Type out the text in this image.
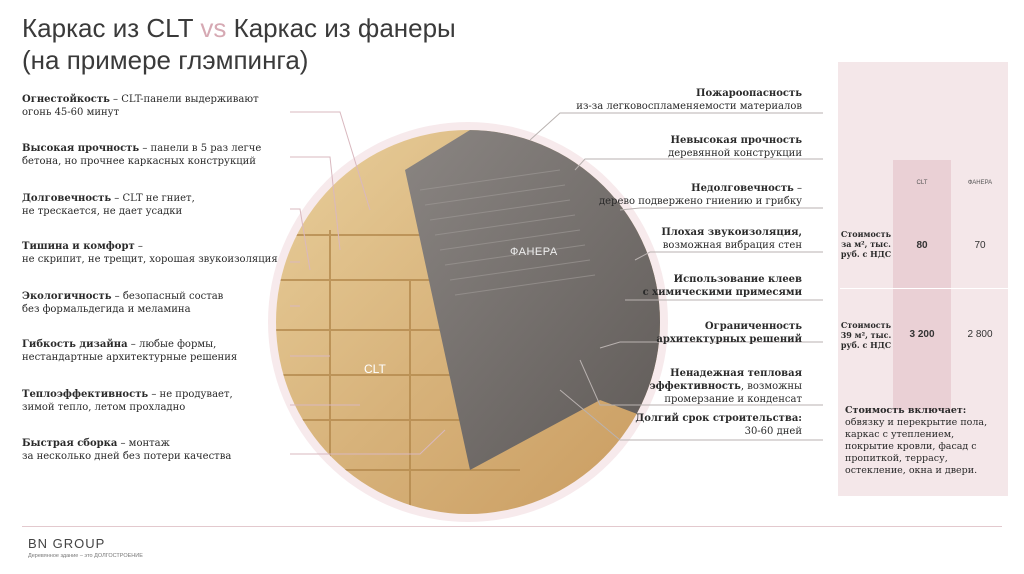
Каркас из CLT vs Каркас из фанеры
(на примере глэмпинга)
ФАНЕРА
CLT
Огнестойкость – CLT-панели выдерживают
огонь 45-60 минут
Высокая прочность – панели в 5 раз легче
бетона, но прочнее каркасных конструкций
Долговечность – CLT не гниет,
не трескается, не дает усадки
Тишина и комфорт –
не скрипит, не трещит, хорошая звукоизоляция
Экологичность – безопасный состав
без формальдегида и меламина
Гибкость дизайна – любые формы,
нестандартные архитектурные решения
Теплоэффективность – не продувает,
зимой тепло, летом прохладно
Быстрая сборка – монтаж
за несколько дней без потери качества
Пожароопасность
из-за легковоспламеняемости материалов
Невысокая прочность
деревянной конструкции
Недолговечность –
дерево подвержено гниению и грибку
Плохая звукоизоляция,
возможная вибрация стен
Использование клеев
с химическими примесями
Ограниченность
архитектурных решений
Ненадежная тепловая
эффективность, возможны
промерзание и конденсат
Долгий срок строительства:
30-60 дней
CLT	ФАНЕРА
Стоимость за м², тыс. руб. с НДС
80	70
Стоимость 39 м², тыс. руб. с НДС
3 200	2 800
Стоимость включает: обвязку и перекрытие пола, каркас с утеплением, покрытие кровли, фасад с пропиткой, террасу, остекление, окна и двери.
BN GROUP
Деревянное здание – это ДОЛГОСТРОЕНИЕ
